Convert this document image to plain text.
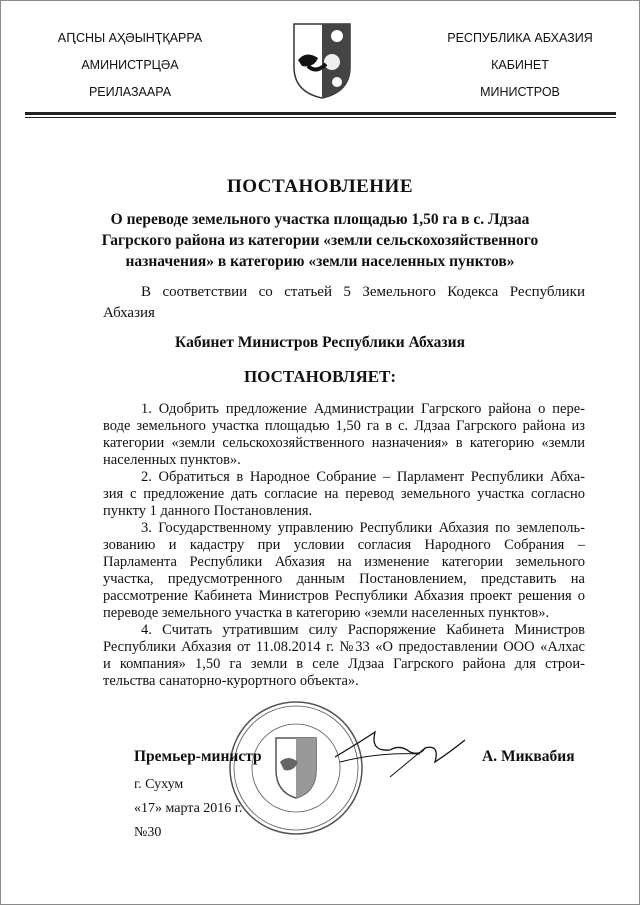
АԤСНЫ АҲӘЫНҬҚАРРА
АМИНИСТРЦӘА
РЕИЛАЗААРА
РЕСПУБЛИКА АБХАЗИЯ
КАБИНЕТ
МИНИСТРОВ
ПОСТАНОВЛЕНИЕ
О переводе земельного участка площадью 1,50 га в с. Лдзаа
Гагрского района из категории «земли сельскохозяйственного
назначения» в категорию «земли населенных пунктов»
В соответствии со статьей 5 Земельного Кодекса Республики
Абхазия
Кабинет Министров Республики Абхазия
ПОСТАНОВЛЯЕТ:
1. Одобрить предложение Администрации Гагрского района о пере-
воде земельного участка площадью 1,50 га в с. Лдзаа Гагрского района из
категории «земли сельскохозяйственного назначения» в категорию «земли
населенных пунктов».
2. Обратиться в Народное Собрание – Парламент Республики Абха-
зия с предложение дать согласие на перевод земельного участка согласно
пункту 1 данного Постановления.
3. Государственному управлению Республики Абхазия по землеполь-
зованию и кадастру при условии согласия Народного Собрания –
Парламента Республики Абхазия на изменение категории земельного
участка, предусмотренного данным Постановлением, представить на
рассмотрение Кабинета Министров Республики Абхазия проект решения о
переводе земельного участка в категорию «земли населенных пунктов».
4. Считать утратившим силу Распоряжение Кабинета Министров
Республики Абхазия от 11.08.2014 г. №33 «О предоставлении ООО «Алхас
и компания» 1,50 га земли в селе Лдзаа Гагрского района для строи-
тельства санаторно-курортного объекта».
Премьер-министр	А. Миквабия
г. Сухум
«17» марта 2016 г.
№30
